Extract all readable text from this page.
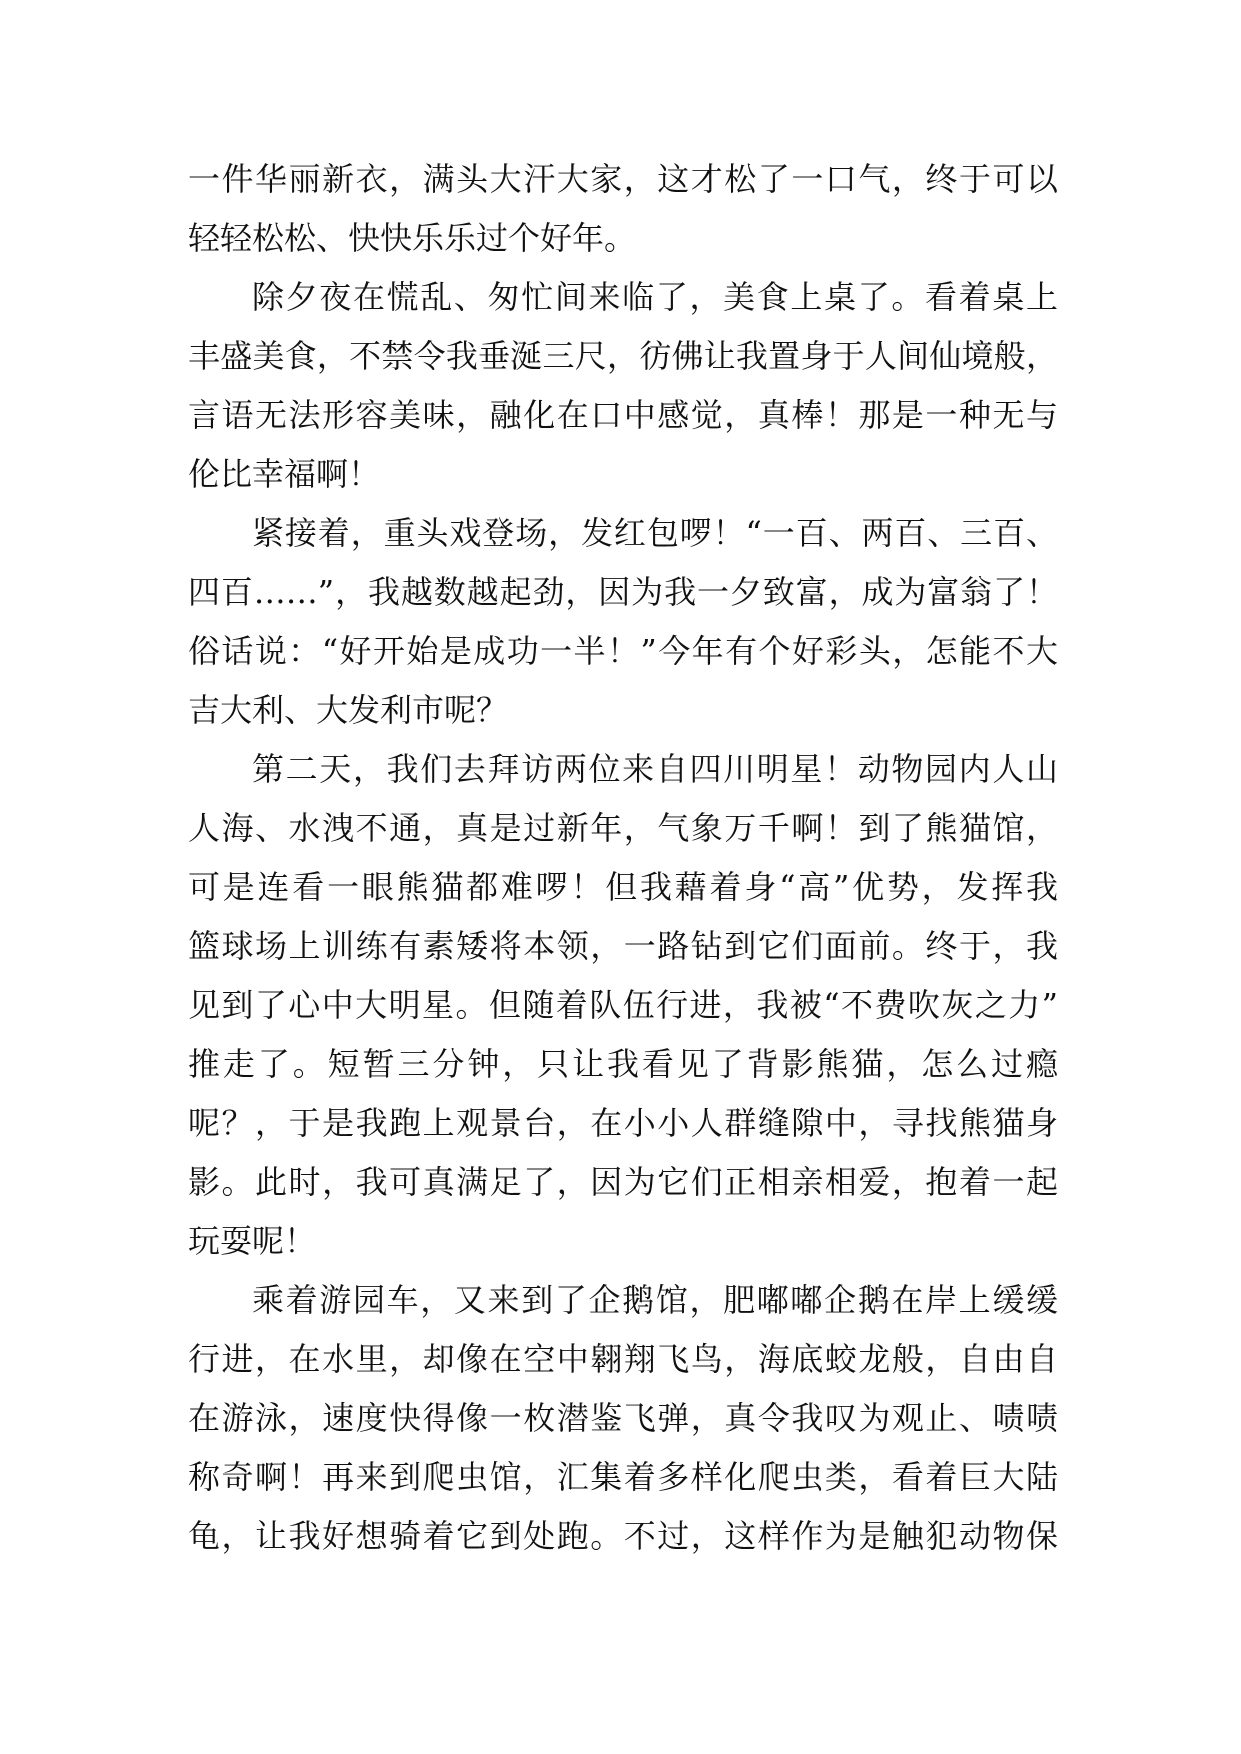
一件华丽新衣，满头大汗大家，这才松了一口气，终于可以
轻轻松松、快快乐乐过个好年。
除夕夜在慌乱、匆忙间来临了，美食上桌了。看着桌上
丰盛美食，不禁令我垂涎三尺，彷佛让我置身于人间仙境般，
言语无法形容美味，融化在口中感觉，真棒！那是一种无与
伦比幸福啊！
紧接着，重头戏登场，发红包啰！“一百、两百、三百、
四百……”，我越数越起劲，因为我一夕致富，成为富翁了！
俗话说：“好开始是成功一半！”今年有个好彩头，怎能不大
吉大利、大发利市呢？
第二天，我们去拜访两位来自四川明星！动物园内人山
人海、水洩不通，真是过新年，气象万千啊！到了熊猫馆，
可是连看一眼熊猫都难啰！但我藉着身“高”优势，发挥我
篮球场上训练有素矮将本领，一路钻到它们面前。终于，我
见到了心中大明星。但随着队伍行进，我被“不费吹灰之力”
推走了。短暂三分钟，只让我看见了背影熊猫，怎么过瘾
呢？，于是我跑上观景台，在小小人群缝隙中，寻找熊猫身
影。此时，我可真满足了，因为它们正相亲相爱，抱着一起
玩耍呢！
乘着游园车，又来到了企鹅馆，肥嘟嘟企鹅在岸上缓缓
行进，在水里，却像在空中翱翔飞鸟，海底蛟龙般，自由自
在游泳，速度快得像一枚潜鉴飞弹，真令我叹为观止、啧啧
称奇啊！再来到爬虫馆，汇集着多样化爬虫类，看着巨大陆
龟，让我好想骑着它到处跑。不过，这样作为是触犯动物保
